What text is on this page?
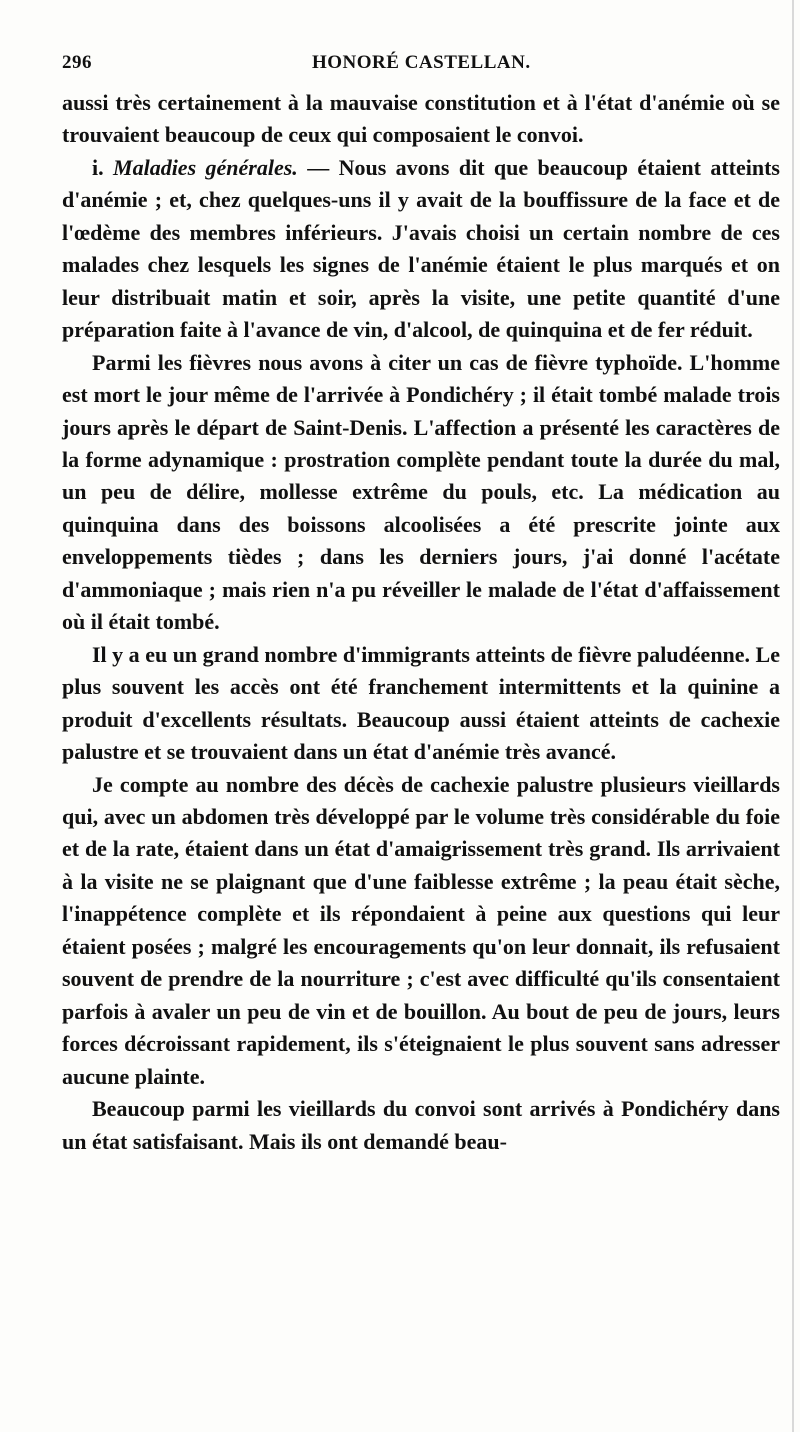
296	HONORÉ CASTELLAN.

aussi très certainement à la mauvaise constitution et à l'état d'anémie où se trouvaient beaucoup de ceux qui composaient le convoi.

i. Maladies générales. — Nous avons dit que beaucoup étaient atteints d'anémie ; et, chez quelques-uns il y avait de la bouffissure de la face et de l'œdème des membres inférieurs. J'avais choisi un certain nombre de ces malades chez lesquels les signes de l'anémie étaient le plus marqués et on leur distribuait matin et soir, après la visite, une petite quantité d'une préparation faite à l'avance de vin, d'alcool, de quinquina et de fer réduit.

Parmi les fièvres nous avons à citer un cas de fièvre typhoïde. L'homme est mort le jour même de l'arrivée à Pondichéry ; il était tombé malade trois jours après le départ de Saint-Denis. L'affection a présenté les caractères de la forme adynamique : prostration complète pendant toute la durée du mal, un peu de délire, mollesse extrême du pouls, etc. La médication au quinquina dans des boissons alcoolisées a été prescrite jointe aux enveloppements tièdes ; dans les derniers jours, j'ai donné l'acétate d'ammoniaque ; mais rien n'a pu réveiller le malade de l'état d'affaissement où il était tombé.

Il y a eu un grand nombre d'immigrants atteints de fièvre paludéenne. Le plus souvent les accès ont été franchement intermittents et la quinine a produit d'excellents résultats. Beaucoup aussi étaient atteints de cachexie palustre et se trouvaient dans un état d'anémie très avancé.

Je compte au nombre des décès de cachexie palustre plusieurs vieillards qui, avec un abdomen très développé par le volume très considérable du foie et de la rate, étaient dans un état d'amaigrissement très grand. Ils arrivaient à la visite ne se plaignant que d'une faiblesse extrême ; la peau était sèche, l'inappétence complète et ils répondaient à peine aux questions qui leur étaient posées ; malgré les encouragements qu'on leur donnait, ils refusaient souvent de prendre de la nourriture ; c'est avec difficulté qu'ils consentaient parfois à avaler un peu de vin et de bouillon. Au bout de peu de jours, leurs forces décroissant rapidement, ils s'éteignaient le plus souvent sans adresser aucune plainte.

Beaucoup parmi les vieillards du convoi sont arrivés à Pondichéry dans un état satisfaisant. Mais ils ont demandé beau-
